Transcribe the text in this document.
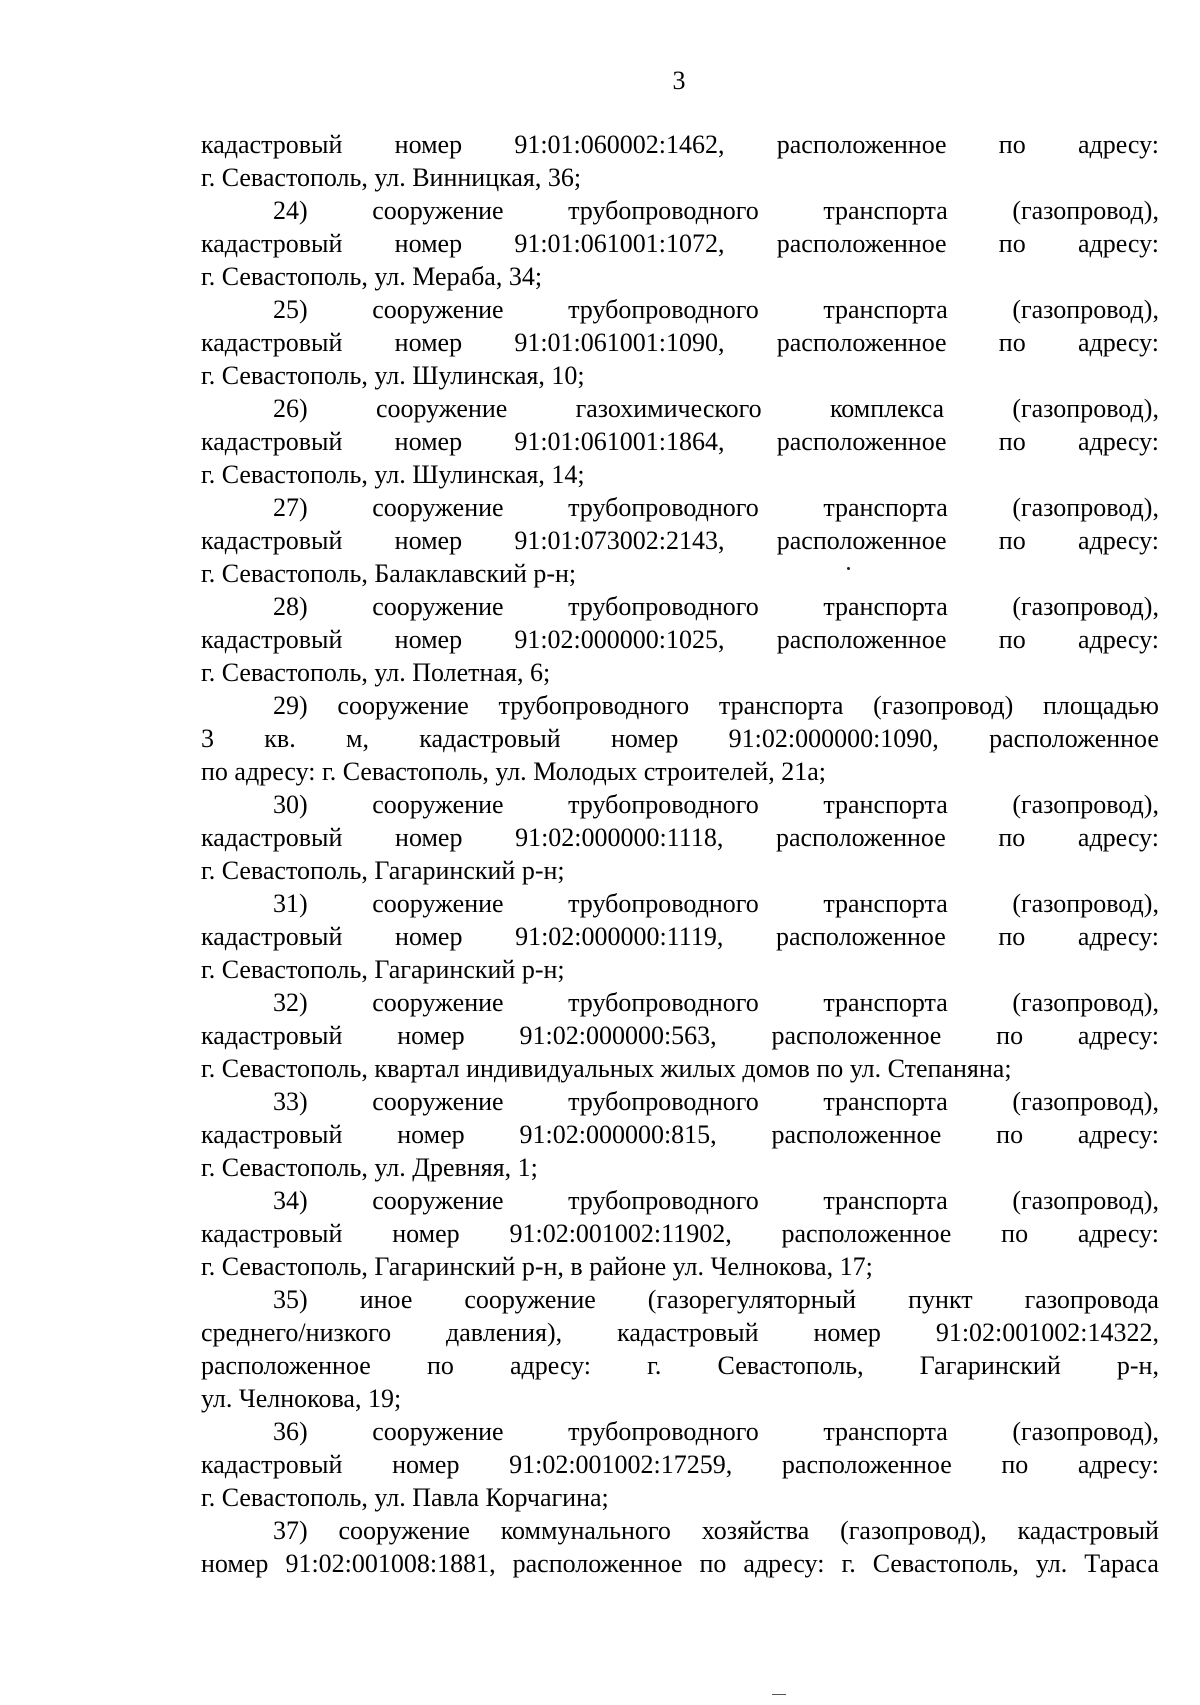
3
кадастровый номер 91:01:060002:1462, расположенное по адресу:
г. Севастополь, ул. Винницкая, 36;
24) сооружение трубопроводного транспорта (газопровод),
кадастровый номер 91:01:061001:1072, расположенное по адресу:
г. Севастополь, ул. Мераба, 34;
25) сооружение трубопроводного транспорта (газопровод),
кадастровый номер 91:01:061001:1090, расположенное по адресу:
г. Севастополь, ул. Шулинская, 10;
26)	сооружение	газохимического	комплекса	(газопровод),
кадастровый номер 91:01:061001:1864, расположенное по адресу:
г. Севастополь, ул. Шулинская, 14;
27) сооружение трубопроводного транспорта (газопровод),
кадастровый номер 91:01:073002:2143, расположенное по адресу:
г. Севастополь, Балаклавский р-н;
28) сооружение трубопроводного транспорта (газопровод),
кадастровый номер 91:02:000000:1025, расположенное по адресу:
г. Севастополь, ул. Полетная, 6;
29) сооружение трубопроводного транспорта (газопровод) площадью
3 кв. м, кадастровый номер 91:02:000000:1090, расположенное
по адресу: г. Севастополь, ул. Молодых строителей, 21а;
30) сооружение трубопроводного транспорта (газопровод),
кадастровый номер 91:02:000000:1118, расположенное по адресу:
г. Севастополь, Гагаринский р-н;
31) сооружение трубопроводного транспорта (газопровод),
кадастровый номер 91:02:000000:1119, расположенное по адресу:
г. Севастополь, Гагаринский р-н;
32) сооружение трубопроводного транспорта (газопровод),
кадастровый номер 91:02:000000:563, расположенное по адресу:
г. Севастополь, квартал индивидуальных жилых домов по ул. Степаняна;
33) сооружение трубопроводного транспорта (газопровод),
кадастровый номер 91:02:000000:815, расположенное по адресу:
г. Севастополь, ул. Древняя, 1;
34) сооружение трубопроводного транспорта (газопровод),
кадастровый номер 91:02:001002:11902, расположенное по адресу:
г. Севастополь, Гагаринский р-н, в районе ул. Челнокова, 17;
35) иное сооружение (газорегуляторный пункт газопровода
среднего/низкого давления), кадастровый номер 91:02:001002:14322,
расположенное по адресу: г. Севастополь, Гагаринский р-н,
ул. Челнокова, 19;
36) сооружение трубопроводного транспорта (газопровод),
кадастровый номер 91:02:001002:17259, расположенное по адресу:
г. Севастополь, ул. Павла Корчагина;
37) сооружение коммунального хозяйства (газопровод), кадастровый
номер 91:02:001008:1881, расположенное по адресу: г. Севастополь, ул. Тараса
